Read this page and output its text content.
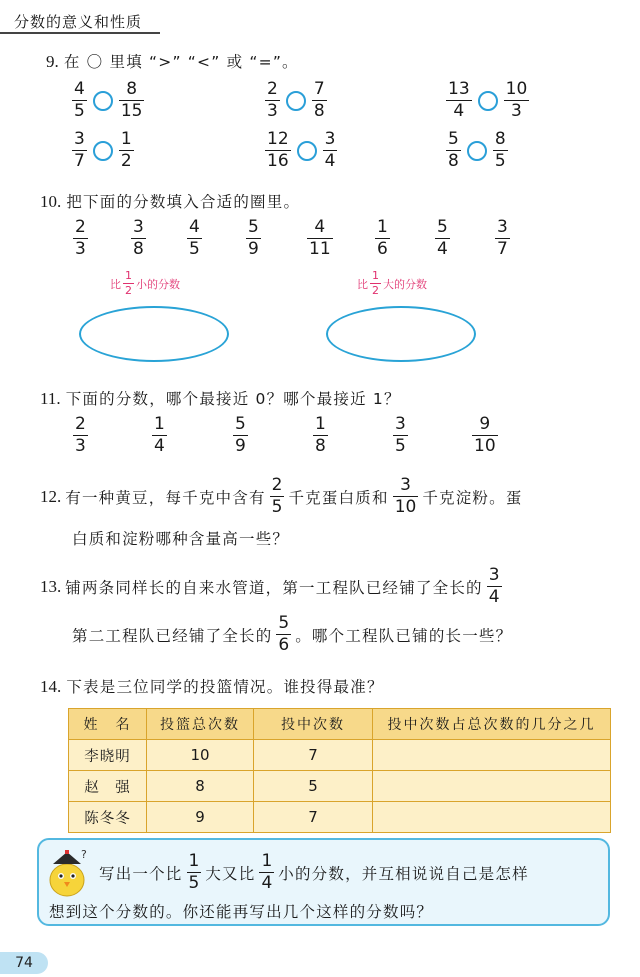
分数的意义和性质
9. 在 〇 里填 “>” “<” 或 “=”。
$\frac{4}{5} \frac{8}{15}$	$\frac{2}{3} \frac{7}{8}$	$\frac{13}{4} \frac{10}{3}$
$\frac{3}{7} \frac{1}{2}$	$\frac{12}{16} \frac{3}{4}$	$\frac{5}{8} \frac{8}{5}$
10. 把下面的分数填入合适的圈里。
2
3
3
8
4
5
5
9
4
11
1
6
5
4
3
7
比 $\frac{1}{2}$ 小的分数	比 $\frac{1}{2}$ 大的分数
11. 下面的分数，哪个最接近 0？哪个最接近 1？
2
3
1
4
5
9
1
8
3
5
9
10
12. 有一种黄豆，每千克中含有 $\frac{2}{5}$ 千克蛋白质和 $\frac{3}{10}$ 千克淀粉。蛋
白质和淀粉哪种含量高一些？
13. 铺两条同样长的自来水管道，第一工程队已经铺了全长的 $\frac{3}{4}$
第二工程队已经铺了全长的 $\frac{5}{6}$ 。哪个工程队已铺的长一些？
14. 下表是三位同学的投篮情况。谁投得最准？
姓　名	投篮总次数	投中次数	投中次数占总次数的几分之几
李晓明	10	7	
赵　强	8	5	
陈冬冬	9	7	
?
写出一个比 $\frac{1}{5}$ 大又比 $\frac{1}{4}$ 小的分数，并互相说说自己是怎样
想到这个分数的。你还能再写出几个这样的分数吗？
74
